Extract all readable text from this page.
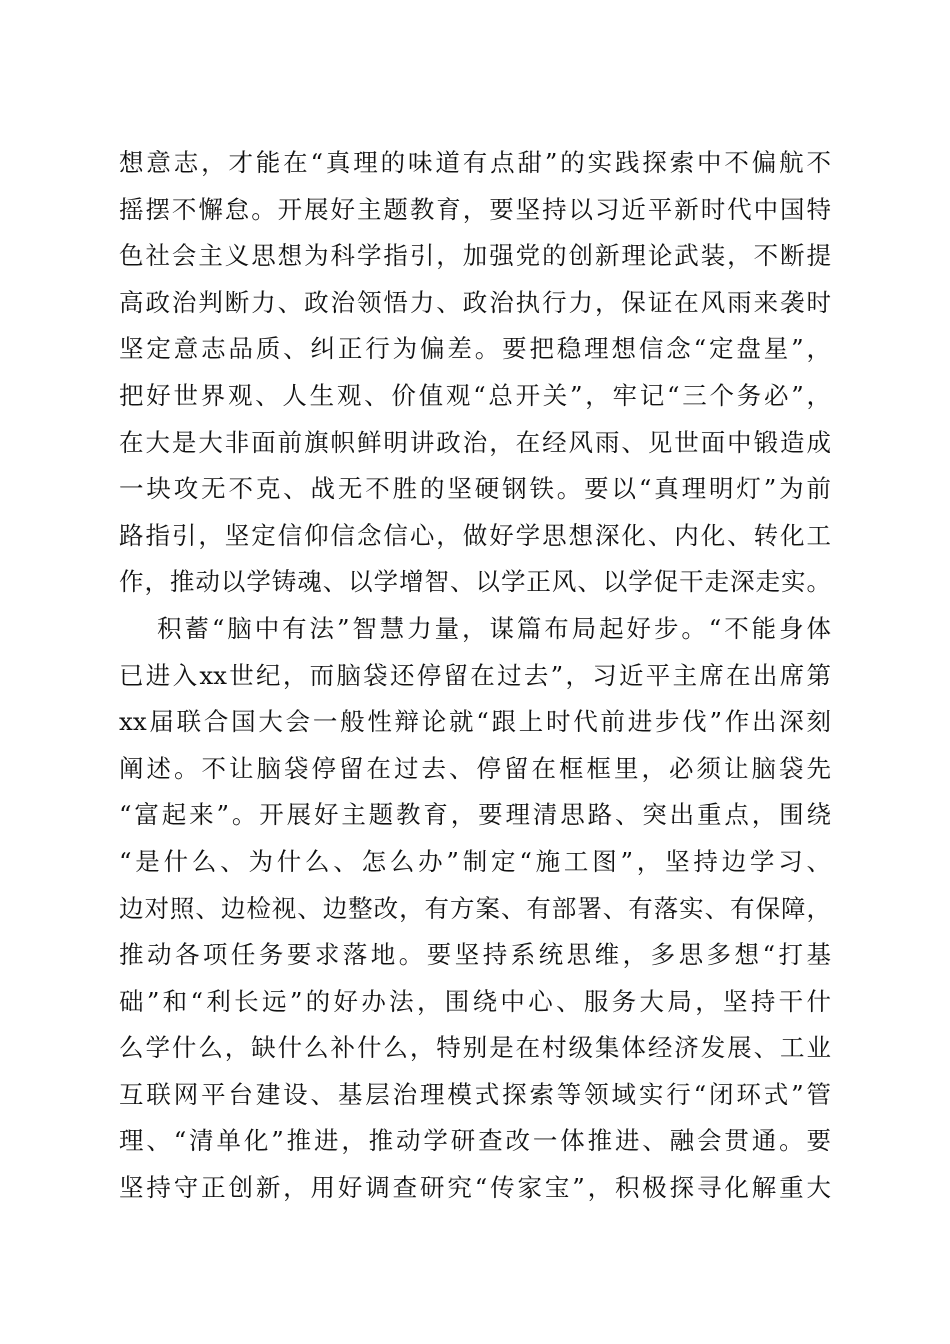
想意志，才能在“真理的味道有点甜”的实践探索中不偏航不
摇摆不懈怠。开展好主题教育，要坚持以习近平新时代中国特
色社会主义思想为科学指引，加强党的创新理论武装，不断提
高政治判断力、政治领悟力、政治执行力，保证在风雨来袭时
坚定意志品质、纠正行为偏差。要把稳理想信念“定盘星”，
把好世界观、人生观、价值观“总开关”，牢记“三个务必”，
在大是大非面前旗帜鲜明讲政治，在经风雨、见世面中锻造成
一块攻无不克、战无不胜的坚硬钢铁。要以“真理明灯”为前
路指引，坚定信仰信念信心，做好学思想深化、内化、转化工
作，推动以学铸魂、以学增智、以学正风、以学促干走深走实。
积蓄“脑中有法”智慧力量，谋篇布局起好步。“不能身体
已进入xx世纪，而脑袋还停留在过去”，习近平主席在出席第
xx届联合国大会一般性辩论就“跟上时代前进步伐”作出深刻
阐述。不让脑袋停留在过去、停留在框框里，必须让脑袋先
“富起来”。开展好主题教育，要理清思路、突出重点，围绕
“是什么、为什么、怎么办”制定“施工图”，坚持边学习、
边对照、边检视、边整改，有方案、有部署、有落实、有保障，
推动各项任务要求落地。要坚持系统思维，多思多想“打基
础”和“利长远”的好办法，围绕中心、服务大局，坚持干什
么学什么，缺什么补什么，特别是在村级集体经济发展、工业
互联网平台建设、基层治理模式探索等领域实行“闭环式”管
理、“清单化”推进，推动学研查改一体推进、融会贯通。要
坚持守正创新，用好调查研究“传家宝”，积极探寻化解重大
